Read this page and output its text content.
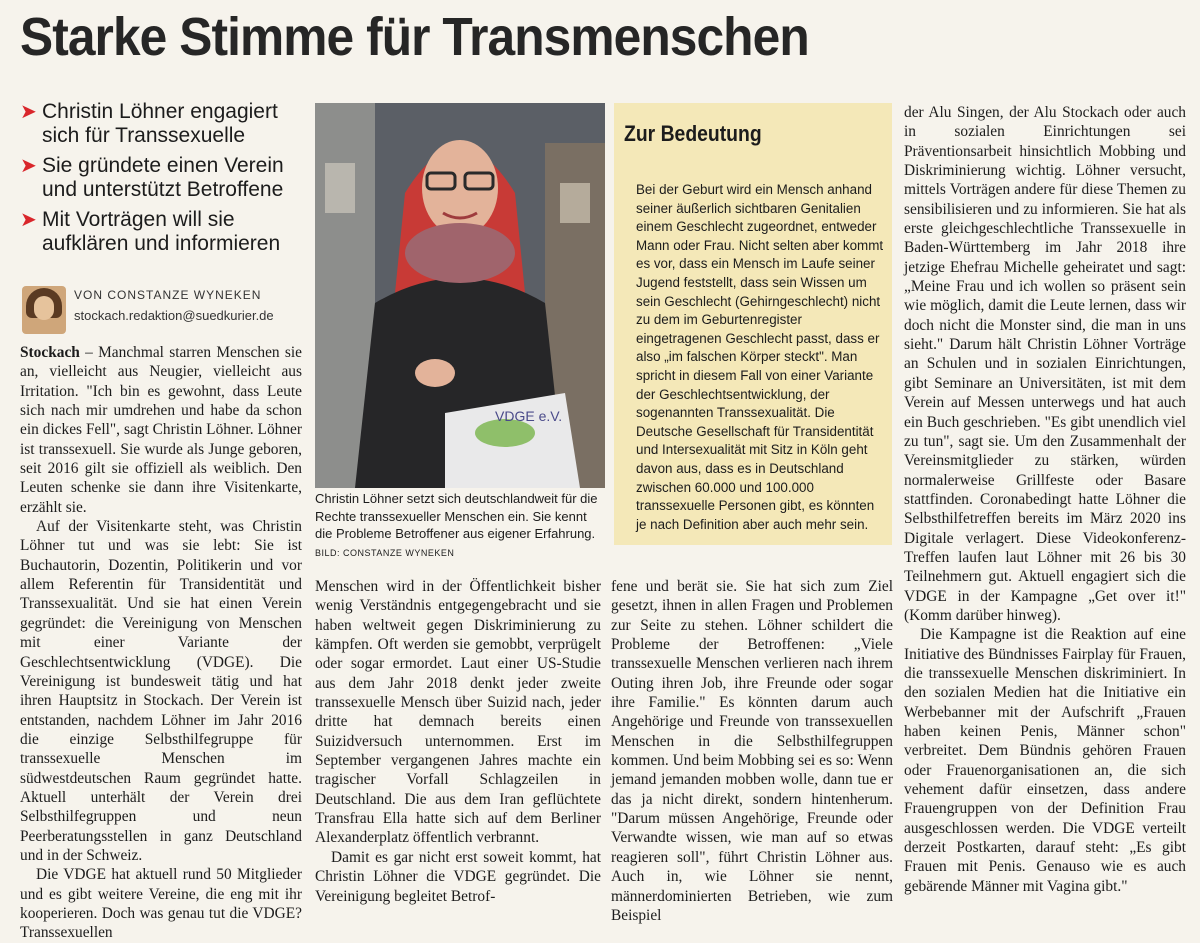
Starke Stimme für Transmenschen
➤ Christin Löhner engagiert sich für Transsexuelle
➤ Sie gründete einen Verein und unterstützt Betroffene
➤ Mit Vorträgen will sie aufklären und informieren
VON CONSTANZE WYNEKEN
stockach.redaktion@suedkurier.de

Stockach – Manchmal starren Menschen sie an, vielleicht aus Neugier, vielleicht aus Irritation. "Ich bin es gewohnt, dass Leute sich nach mir umdrehen und habe da schon ein dickes Fell", sagt Christin Löhner. Löhner ist transsexuell. Sie wurde als Junge geboren, seit 2016 gilt sie offiziell als weiblich. Den Leuten schenke sie dann ihre Visitenkarte, erzählt sie.

Auf der Visitenkarte steht, was Christin Löhner tut und was sie lebt: Sie ist Buchautorin, Dozentin, Politikerin und vor allem Referentin für Transidentität und Transsexualität. Und sie hat einen Verein gegründet: die Vereinigung von Menschen mit einer Variante der Geschlechtsentwicklung (VDGE). Die Vereinigung ist bundesweit tätig und hat ihren Hauptsitz in Stockach. Der Verein ist entstanden, nachdem Löhner im Jahr 2016 die einzige Selbsthilfegruppe für transsexuelle Menschen im südwestdeutschen Raum gegründet hatte. Aktuell unterhält der Verein drei Selbsthilfegruppen und neun Peerberatungsstellen in ganz Deutschland und in der Schweiz.

Die VDGE hat aktuell rund 50 Mitglieder und es gibt weitere Vereine, die eng mit ihr kooperieren. Doch was genau tut die VDGE? Transsexuellen

VDGE e.V.
Christin Löhner setzt sich deutschlandweit für die Rechte transsexueller Menschen ein. Sie kennt die Probleme Betroffener aus eigener Erfahrung. BILD: CONSTANZE WYNEKEN

Menschen wird in der Öffentlichkeit bisher wenig Verständnis entgegengebracht und sie haben weltweit gegen Diskriminierung zu kämpfen. Oft werden sie gemobbt, verprügelt oder sogar ermordet. Laut einer US-Studie aus dem Jahr 2018 denkt jeder zweite transsexuelle Mensch über Suizid nach, jeder dritte hat demnach bereits einen Suizidversuch unternommen. Erst im September vergangenen Jahres machte ein tragischer Vorfall Schlagzeilen in Deutschland. Die aus dem Iran geflüchtete Transfrau Ella hatte sich auf dem Berliner Alexanderplatz öffentlich verbrannt.

Damit es gar nicht erst soweit kommt, hat Christin Löhner die VDGE gegründet. Die Vereinigung begleitet Betrof-

Zur Bedeutung
Bei der Geburt wird ein Mensch anhand seiner äußerlich sichtbaren Genitalien einem Geschlecht zugeordnet, entweder Mann oder Frau. Nicht selten aber kommt es vor, dass ein Mensch im Laufe seiner Jugend feststellt, dass sein Wissen um sein Geschlecht (Gehirngeschlecht) nicht zu dem im Geburtenregister eingetragenen Geschlecht passt, dass er also „im falschen Körper steckt". Man spricht in diesem Fall von einer Variante der Geschlechtsentwicklung, der sogenannten Transsexualität. Die Deutsche Gesellschaft für Transidentität und Intersexualität mit Sitz in Köln geht davon aus, dass es in Deutschland zwischen 60.000 und 100.000 transsexuelle Personen gibt, es könnten je nach Definition aber auch mehr sein.

fene und berät sie. Sie hat sich zum Ziel gesetzt, ihnen in allen Fragen und Problemen zur Seite zu stehen. Löhner schildert die Probleme der Betroffenen: „Viele transsexuelle Menschen verlieren nach ihrem Outing ihren Job, ihre Freunde oder sogar ihre Familie." Es könnten darum auch Angehörige und Freunde von transsexuellen Menschen in die Selbsthilfegruppen kommen. Und beim Mobbing sei es so: Wenn jemand jemanden mobben wolle, dann tue er das ja nicht direkt, sondern hintenherum. "Darum müssen Angehörige, Freunde oder Verwandte wissen, wie man auf so etwas reagieren soll", führt Christin Löhner aus. Auch in, wie Löhner sie nennt, männerdominierten Betrieben, wie zum Beispiel

der Alu Singen, der Alu Stockach oder auch in sozialen Einrichtungen sei Präventionsarbeit hinsichtlich Mobbing und Diskriminierung wichtig. Löhner versucht, mittels Vorträgen andere für diese Themen zu sensibilisieren und zu informieren. Sie hat als erste gleichgeschlechtliche Transsexuelle in Baden-Württemberg im Jahr 2018 ihre jetzige Ehefrau Michelle geheiratet und sagt: „Meine Frau und ich wollen so präsent sein wie möglich, damit die Leute lernen, dass wir doch nicht die Monster sind, die man in uns sieht." Darum hält Christin Löhner Vorträge an Schulen und in sozialen Einrichtungen, gibt Seminare an Universitäten, ist mit dem Verein auf Messen unterwegs und hat auch ein Buch geschrieben. "Es gibt unendlich viel zu tun", sagt sie. Um den Zusammenhalt der Vereinsmitglieder zu stärken, würden normalerweise Grillfeste oder Basare stattfinden. Coronabedingt hatte Löhner die Selbsthilfetreffen bereits im März 2020 ins Digitale verlagert. Diese Videokonferenz-Treffen laufen laut Löhner mit 26 bis 30 Teilnehmern gut. Aktuell engagiert sich die VDGE in der Kampagne „Get over it!" (Komm darüber hinweg).

Die Kampagne ist die Reaktion auf eine Initiative des Bündnisses Fairplay für Frauen, die transsexuelle Menschen diskriminiert. In den sozialen Medien hat die Initiative ein Werbebanner mit der Aufschrift „Frauen haben keinen Penis, Männer schon" verbreitet. Dem Bündnis gehören Frauen oder Frauenorganisationen an, die sich vehement dafür einsetzen, dass andere Frauengruppen von der Definition Frau ausgeschlossen werden. Die VDGE verteilt derzeit Postkarten, darauf steht: „Es gibt Frauen mit Penis. Genauso wie es auch gebärende Männer mit Vagina gibt."
